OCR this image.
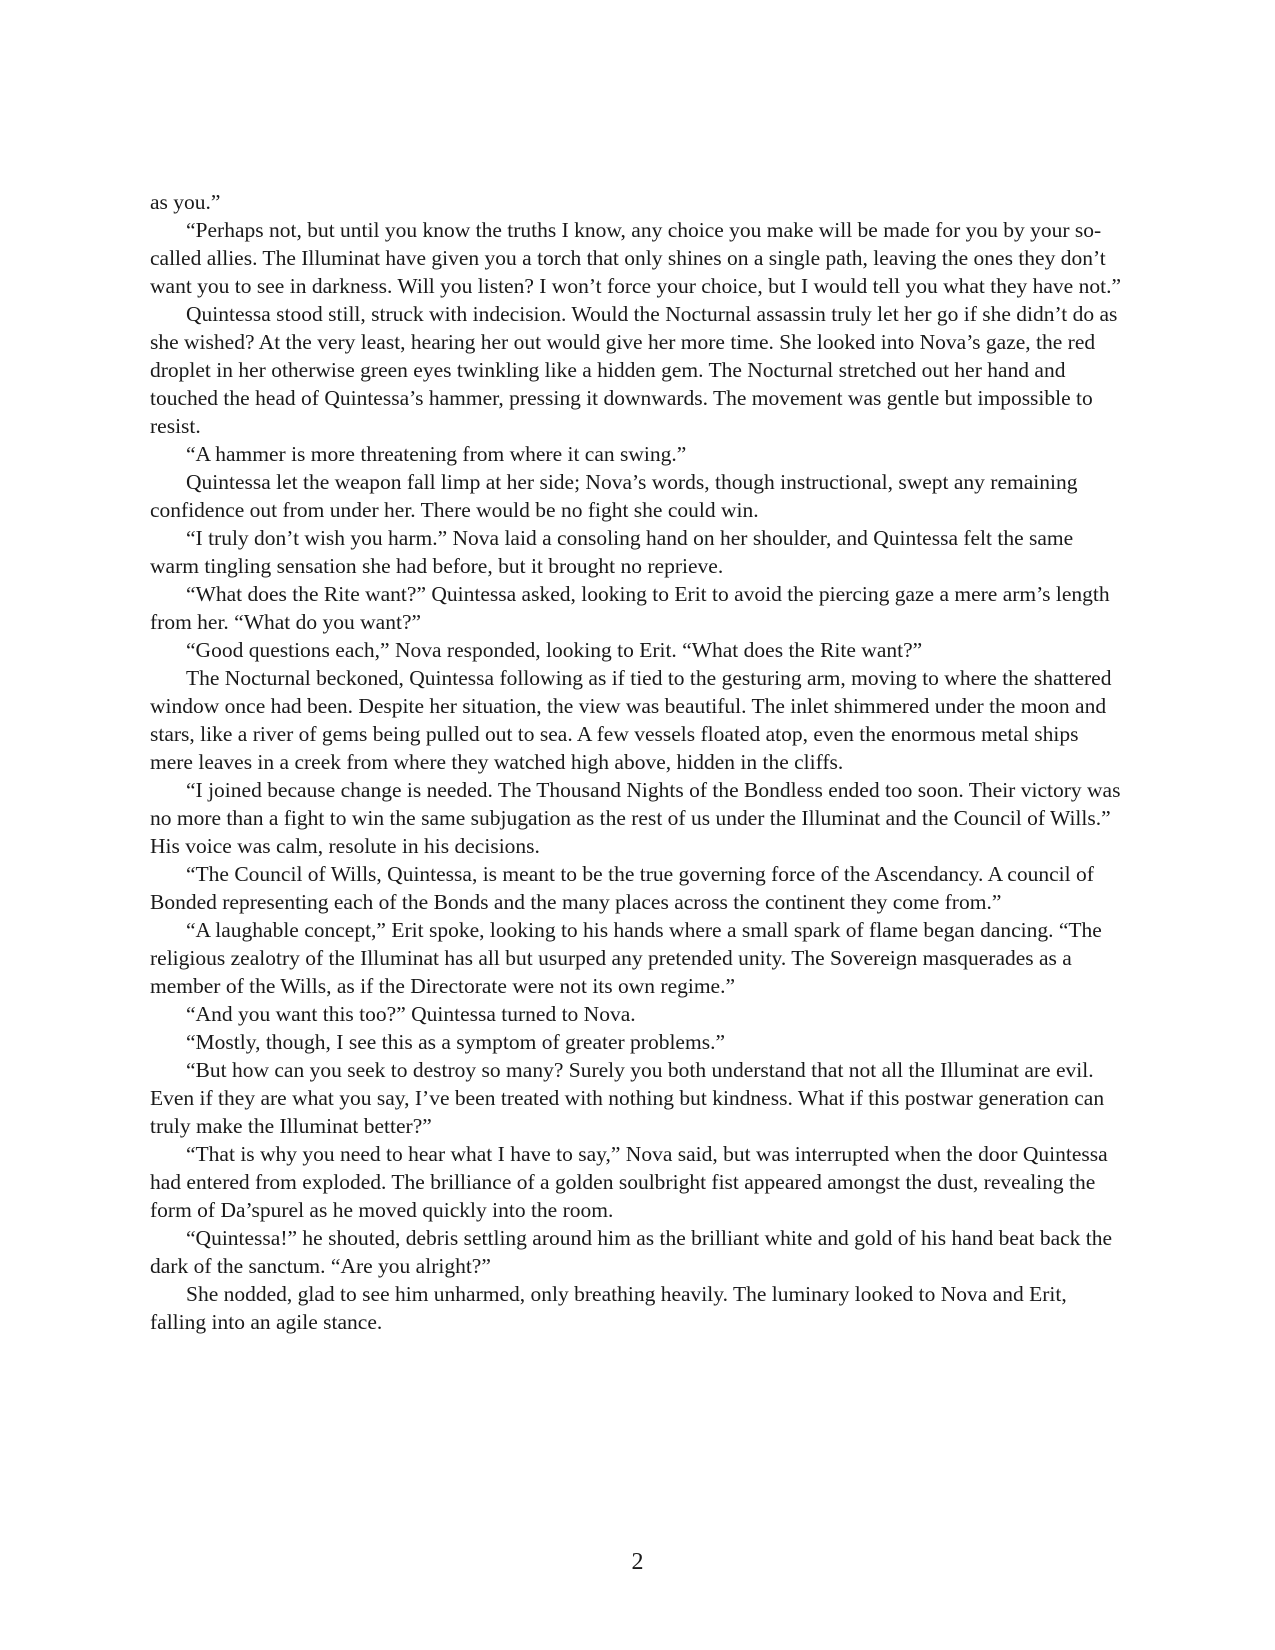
as you.”

“Perhaps not, but until you know the truths I know, any choice you make will be made for you by your so-called allies. The Illuminat have given you a torch that only shines on a single path, leaving the ones they don’t want you to see in darkness. Will you listen? I won’t force your choice, but I would tell you what they have not.”

Quintessa stood still, struck with indecision. Would the Nocturnal assassin truly let her go if she didn’t do as she wished? At the very least, hearing her out would give her more time. She looked into Nova’s gaze, the red droplet in her otherwise green eyes twinkling like a hidden gem. The Nocturnal stretched out her hand and touched the head of Quintessa’s hammer, pressing it downwards. The movement was gentle but impossible to resist.

“A hammer is more threatening from where it can swing.”

Quintessa let the weapon fall limp at her side; Nova’s words, though instructional, swept any remaining confidence out from under her. There would be no fight she could win.

“I truly don’t wish you harm.” Nova laid a consoling hand on her shoulder, and Quintessa felt the same warm tingling sensation she had before, but it brought no reprieve.

“What does the Rite want?” Quintessa asked, looking to Erit to avoid the piercing gaze a mere arm’s length from her. “What do you want?”

“Good questions each,” Nova responded, looking to Erit. “What does the Rite want?”

The Nocturnal beckoned, Quintessa following as if tied to the gesturing arm, moving to where the shattered window once had been. Despite her situation, the view was beautiful. The inlet shimmered under the moon and stars, like a river of gems being pulled out to sea. A few vessels floated atop, even the enormous metal ships mere leaves in a creek from where they watched high above, hidden in the cliffs.

“I joined because change is needed. The Thousand Nights of the Bondless ended too soon. Their victory was no more than a fight to win the same subjugation as the rest of us under the Illuminat and the Council of Wills.” His voice was calm, resolute in his decisions.

“The Council of Wills, Quintessa, is meant to be the true governing force of the Ascendancy. A council of Bonded representing each of the Bonds and the many places across the continent they come from.”

“A laughable concept,” Erit spoke, looking to his hands where a small spark of flame began dancing. “The religious zealotry of the Illuminat has all but usurped any pretended unity. The Sovereign masquerades as a member of the Wills, as if the Directorate were not its own regime.”

“And you want this too?” Quintessa turned to Nova.

“Mostly, though, I see this as a symptom of greater problems.”

“But how can you seek to destroy so many? Surely you both understand that not all the Illuminat are evil. Even if they are what you say, I’ve been treated with nothing but kindness. What if this postwar generation can truly make the Illuminat better?”

“That is why you need to hear what I have to say,” Nova said, but was interrupted when the door Quintessa had entered from exploded. The brilliance of a golden soulbright fist appeared amongst the dust, revealing the form of Da’spurel as he moved quickly into the room.

“Quintessa!” he shouted, debris settling around him as the brilliant white and gold of his hand beat back the dark of the sanctum. “Are you alright?”

She nodded, glad to see him unharmed, only breathing heavily. The luminary looked to Nova and Erit, falling into an agile stance.

2
